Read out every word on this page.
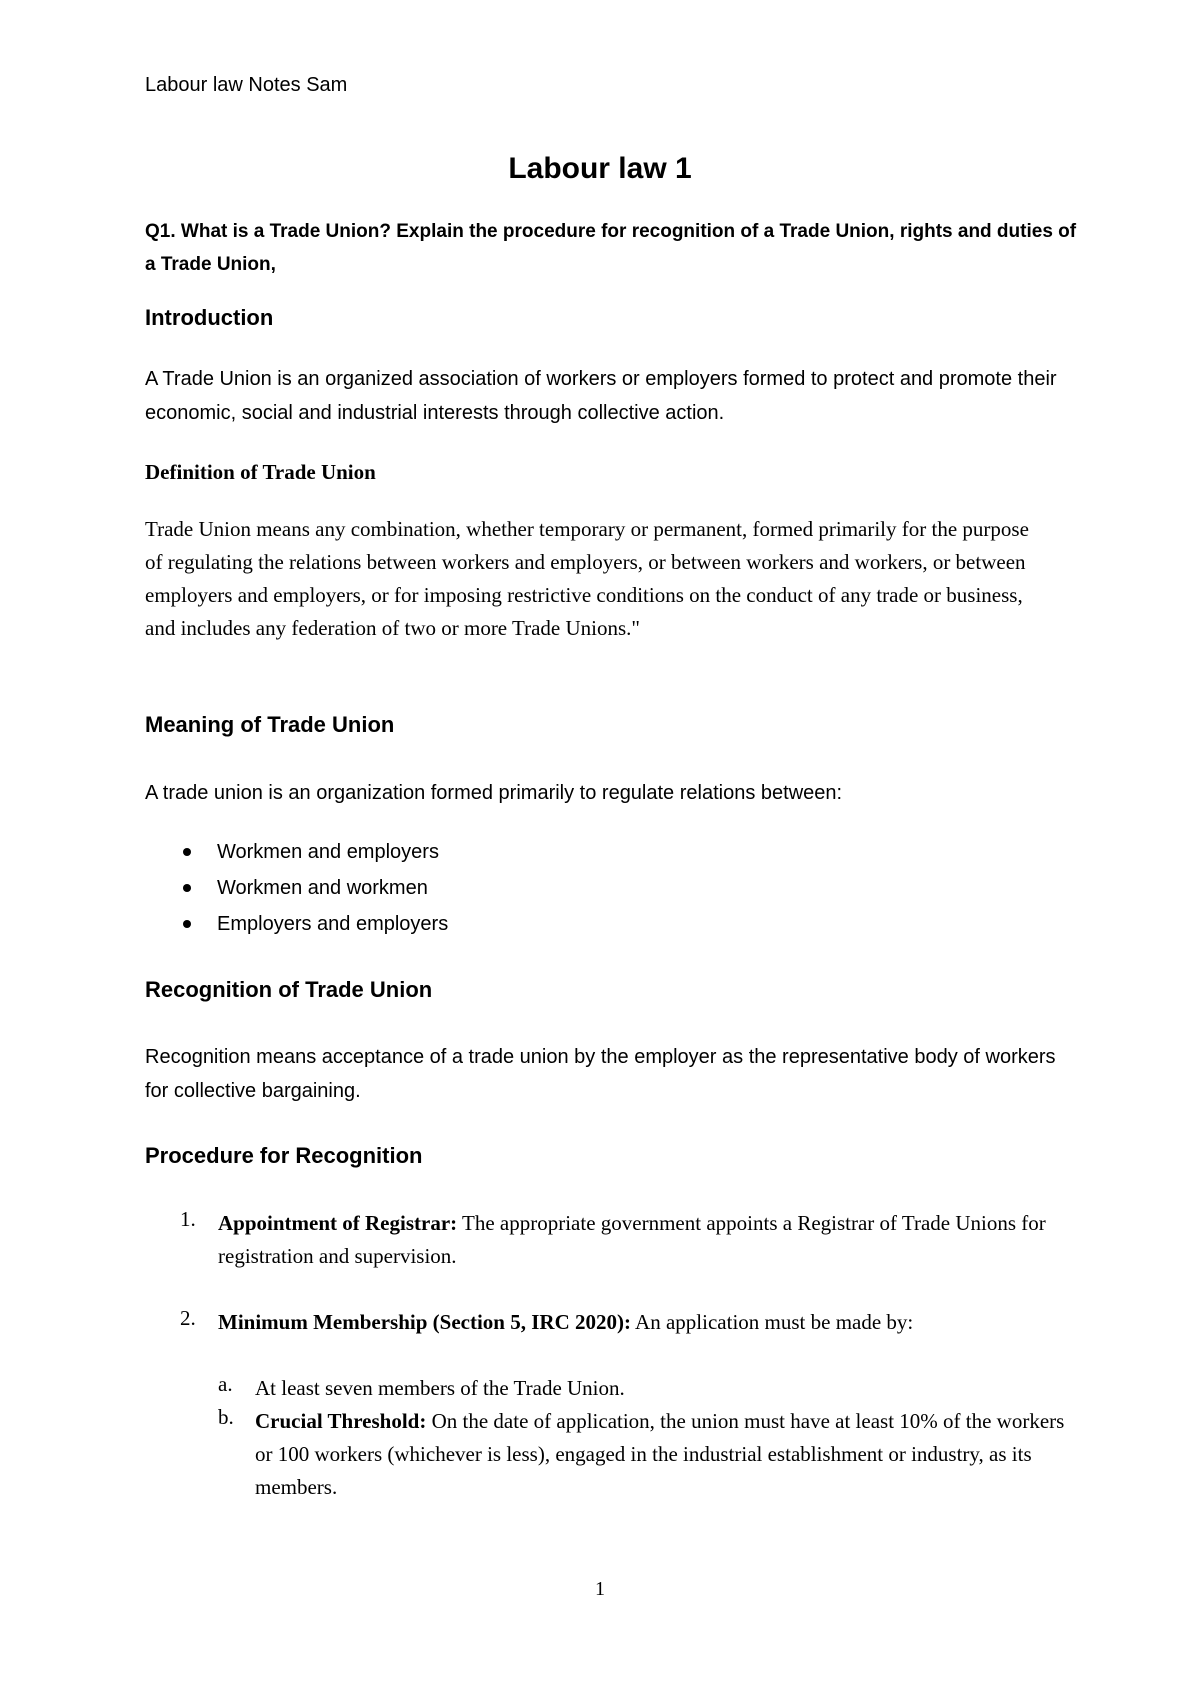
Labour law Notes Sam
Labour law 1
Q1. What is a Trade Union? Explain the procedure for recognition of a Trade Union, rights and duties of a Trade Union,
Introduction

A Trade Union is an organized association of workers or employers formed to protect and promote their economic, social and industrial interests through collective action.

Definition of Trade Union

Trade Union means any combination, whether temporary or permanent, formed primarily for the purpose of regulating the relations between workers and employers, or between workers and workers, or between employers and employers, or for imposing restrictive conditions on the conduct of any trade or business, and includes any federation of two or more Trade Unions."

Meaning of Trade Union

A trade union is an organization formed primarily to regulate relations between:

Workmen and employers
Workmen and workmen
Employers and employers
Recognition of Trade Union

Recognition means acceptance of a trade union by the employer as the representative body of workers for collective bargaining.

Procedure for Recognition
1. Appointment of Registrar: The appropriate government appoints a Registrar of Trade Unions for registration and supervision.

2. Minimum Membership (Section 5, IRC 2020): An application must be made by:

a. At least seven members of the Trade Union.

b. Crucial Threshold: On the date of application, the union must have at least 10% of the workers or 100 workers (whichever is less), engaged in the industrial establishment or industry, as its members.

1
